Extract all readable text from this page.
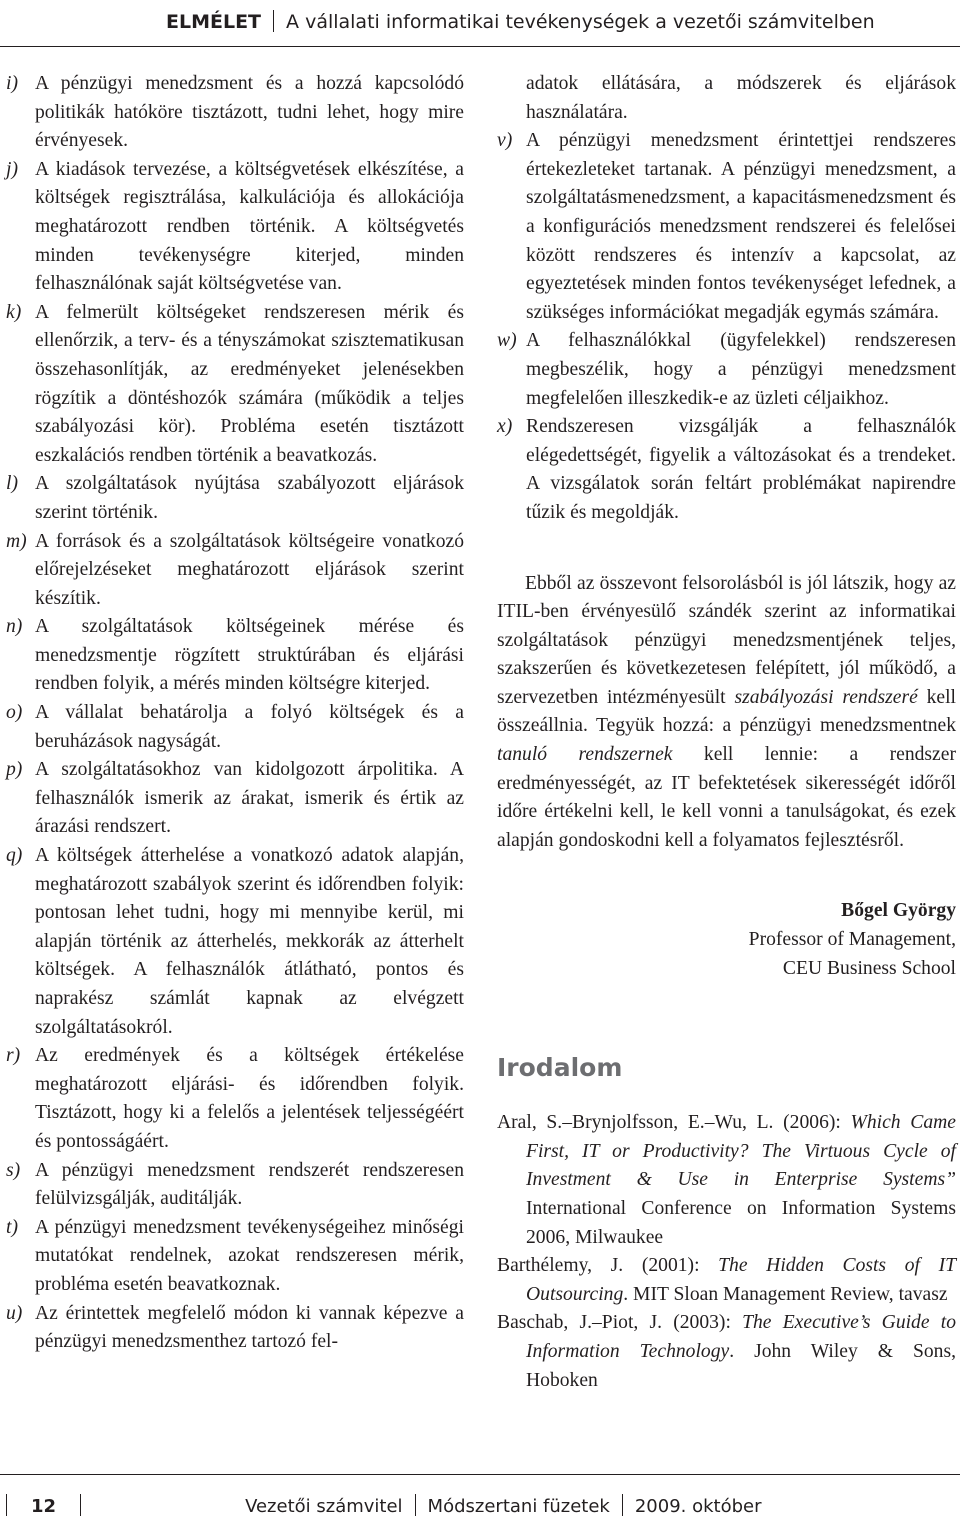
ELMÉLET A vállalati informatikai tevékenységek a vezetői számvitelben
i) A pénzügyi menedzsment és a hozzá kapcsolódó politikák hatóköre tisztázott, tudni lehet, hogy mire érvényesek.
j) A kiadások tervezése, a költségvetések elkészítése, a költségek regisztrálása, kalkulációja és allokációja meghatározott rendben történik. A költségvetés minden tevékenységre kiterjed, minden felhasználónak saját költségvetése van.
k) A felmerült költségeket rendszeresen mérik és ellenőrzik, a terv- és a tényszámokat szisztematikusan összehasonlítják, az eredményeket jelenésekben rögzítik a döntéshozók számára (működik a teljes szabályozási kör). Probléma esetén tisztázott eszkalációs rendben történik a beavatkozás.
l) A szolgáltatások nyújtása szabályozott eljárások szerint történik.
m) A források és a szolgáltatások költségeire vonatkozó előrejelzéseket meghatározott eljárások szerint készítik.
n) A szolgáltatások költségeinek mérése és menedzsmentje rögzített struktúrában és eljárási rendben folyik, a mérés minden költségre kiterjed.
o) A vállalat behatárolja a folyó költségek és a beruházások nagyságát.
p) A szolgáltatásokhoz van kidolgozott árpolitika. A felhasználók ismerik az árakat, ismerik és értik az árazási rendszert.
q) A költségek átterhelése a vonatkozó adatok alapján, meghatározott szabályok szerint és időrendben folyik: pontosan lehet tudni, hogy mi mennyibe kerül, mi alapján történik az átterhelés, mekkorák az átterhelt költségek. A felhasználók átlátható, pontos és naprakész számlát kapnak az elvégzett szolgáltatásokról.
r) Az eredmények és a költségek értékelése meghatározott eljárási- és időrendben folyik. Tisztázott, hogy ki a felelős a jelentések teljességéért és pontosságáért.
s) A pénzügyi menedzsment rendszerét rendszeresen felülvizsgálják, auditálják.
t) A pénzügyi menedzsment tevékenységeihez minőségi mutatókat rendelnek, azokat rendszeresen mérik, probléma esetén beavatkoznak.
u) Az érintettek megfelelő módon ki vannak képezve a pénzügyi menedzsmenthez tartozó fel-
adatok ellátására, a módszerek és eljárások használatára.
v) A pénzügyi menedzsment érintettjei rendszeres értekezleteket tartanak. A pénzügyi menedzsment, a szolgáltatásmenedzsment, a kapacitásmenedzsment és a konfigurációs menedzsment rendszerei és felelősei között rendszeres és intenzív a kapcsolat, az egyeztetések minden fontos tevékenységet lefednek, a szükséges információkat megadják egymás számára.
w) A felhasználókkal (ügyfelekkel) rendszeresen megbeszélik, hogy a pénzügyi menedzsment megfelelően illeszkedik-e az üzleti céljaikhoz.
x) Rendszeresen vizsgálják a felhasználók elégedettségét, figyelik a változásokat és a trendeket. A vizsgálatok során feltárt problémákat napirendre tűzik és megoldják.
Ebből az összevont felsorolásból is jól látszik, hogy az ITIL-ben érvényesülő szándék szerint az informatikai szolgáltatások pénzügyi menedzsmentjének teljes, szakszerűen és következetesen felépített, jól működő, a szervezetben intézményesült szabályozási rendszeré kell összeállnia. Tegyük hozzá: a pénzügyi menedzsmentnek tanuló rendszernek kell lennie: a rendszer eredményességét, az IT befektetések sikerességét időről időre értékelni kell, le kell vonni a tanulságokat, és ezek alapján gondoskodni kell a folyamatos fejlesztésről.
Bőgel György
Professor of Management,
CEU Business School
Irodalom
Aral, S.–Brynjolfsson, E.–Wu, L. (2006): Which Came First, IT or Productivity? The Virtuous Cycle of Investment & Use in Enterprise Systems” International Conference on Information Systems 2006, Milwaukee
Barthélemy, J. (2001): The Hidden Costs of IT Outsourcing. MIT Sloan Management Review, tavasz
Baschab, J.–Piot, J. (2003): The Executive’s Guide to Information Technology. John Wiley & Sons, Hoboken
12	Vezetői számvitel Módszertani füzetek 2009. október
